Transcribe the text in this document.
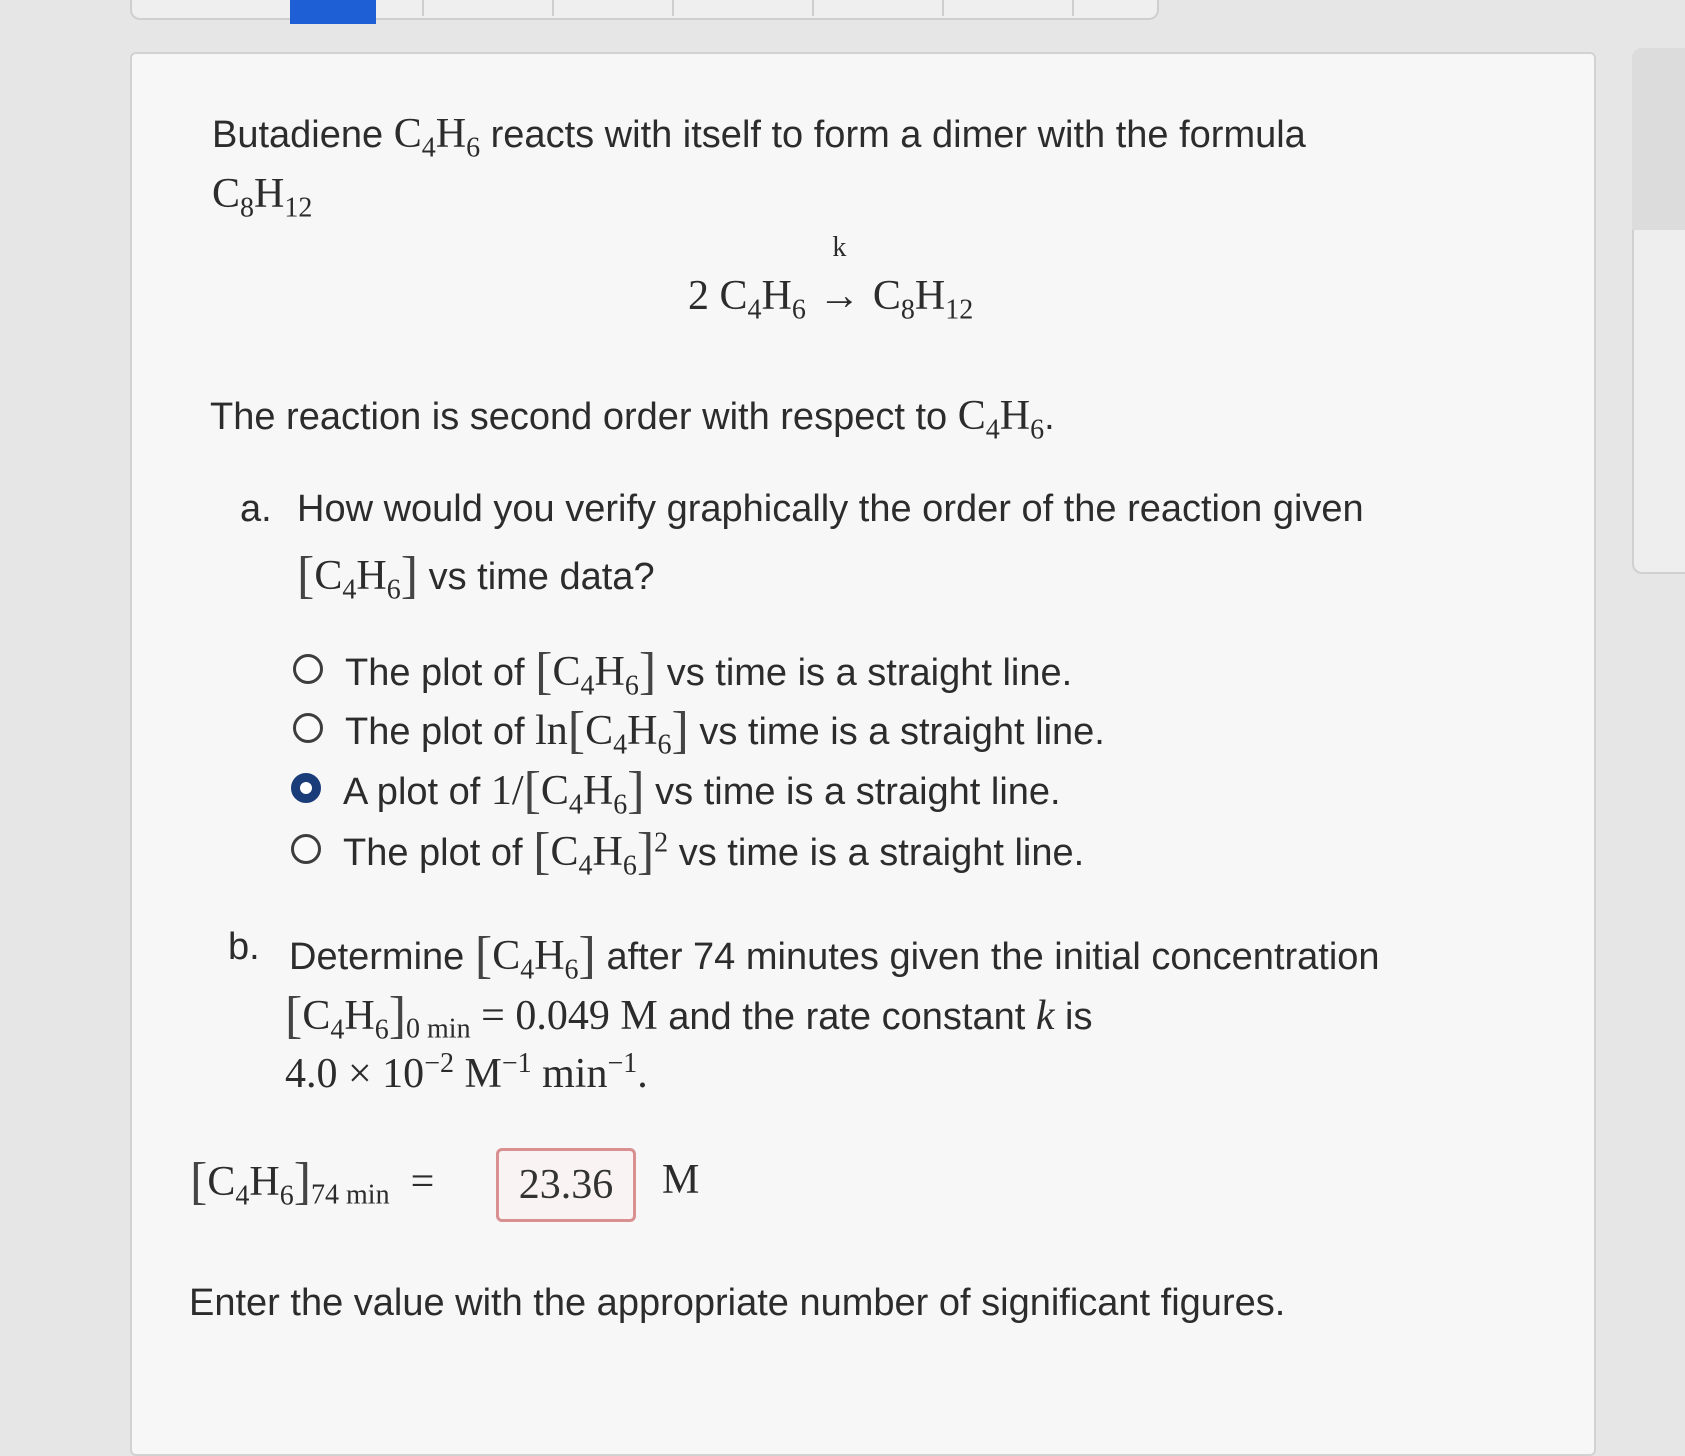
Butadiene $C_4H_6$ reacts with itself to form a dimer with the formula
$C_8H_{12}$
2 $C_4H_6$
k
→ $C_8H_{12}$
The reaction is second order with respect to $C_4H_6$.
a. How would you verify graphically the order of the reaction given
$[C_4H_6]$ vs time data?
The plot of $[C_4H_6]$ vs time is a straight line.
The plot of $\ln[C_4H_6]$ vs time is a straight line.
A plot of $1/[C_4H_6]$ vs time is a straight line.
The plot of $[C_4H_6]^2$ vs time is a straight line.
b. Determine $[C_4H_6]$ after 74 minutes given the initial concentration
$[C_4H_6]_{0 min} = 0.049$ M and the rate constant k is
$4.0 \times 10^{-2}$ $M^{-1}$ $\min^{-1}$.
$[C_4H_6]_{74 min}$  =	23.36	M
Enter the value with the appropriate number of significant figures.
